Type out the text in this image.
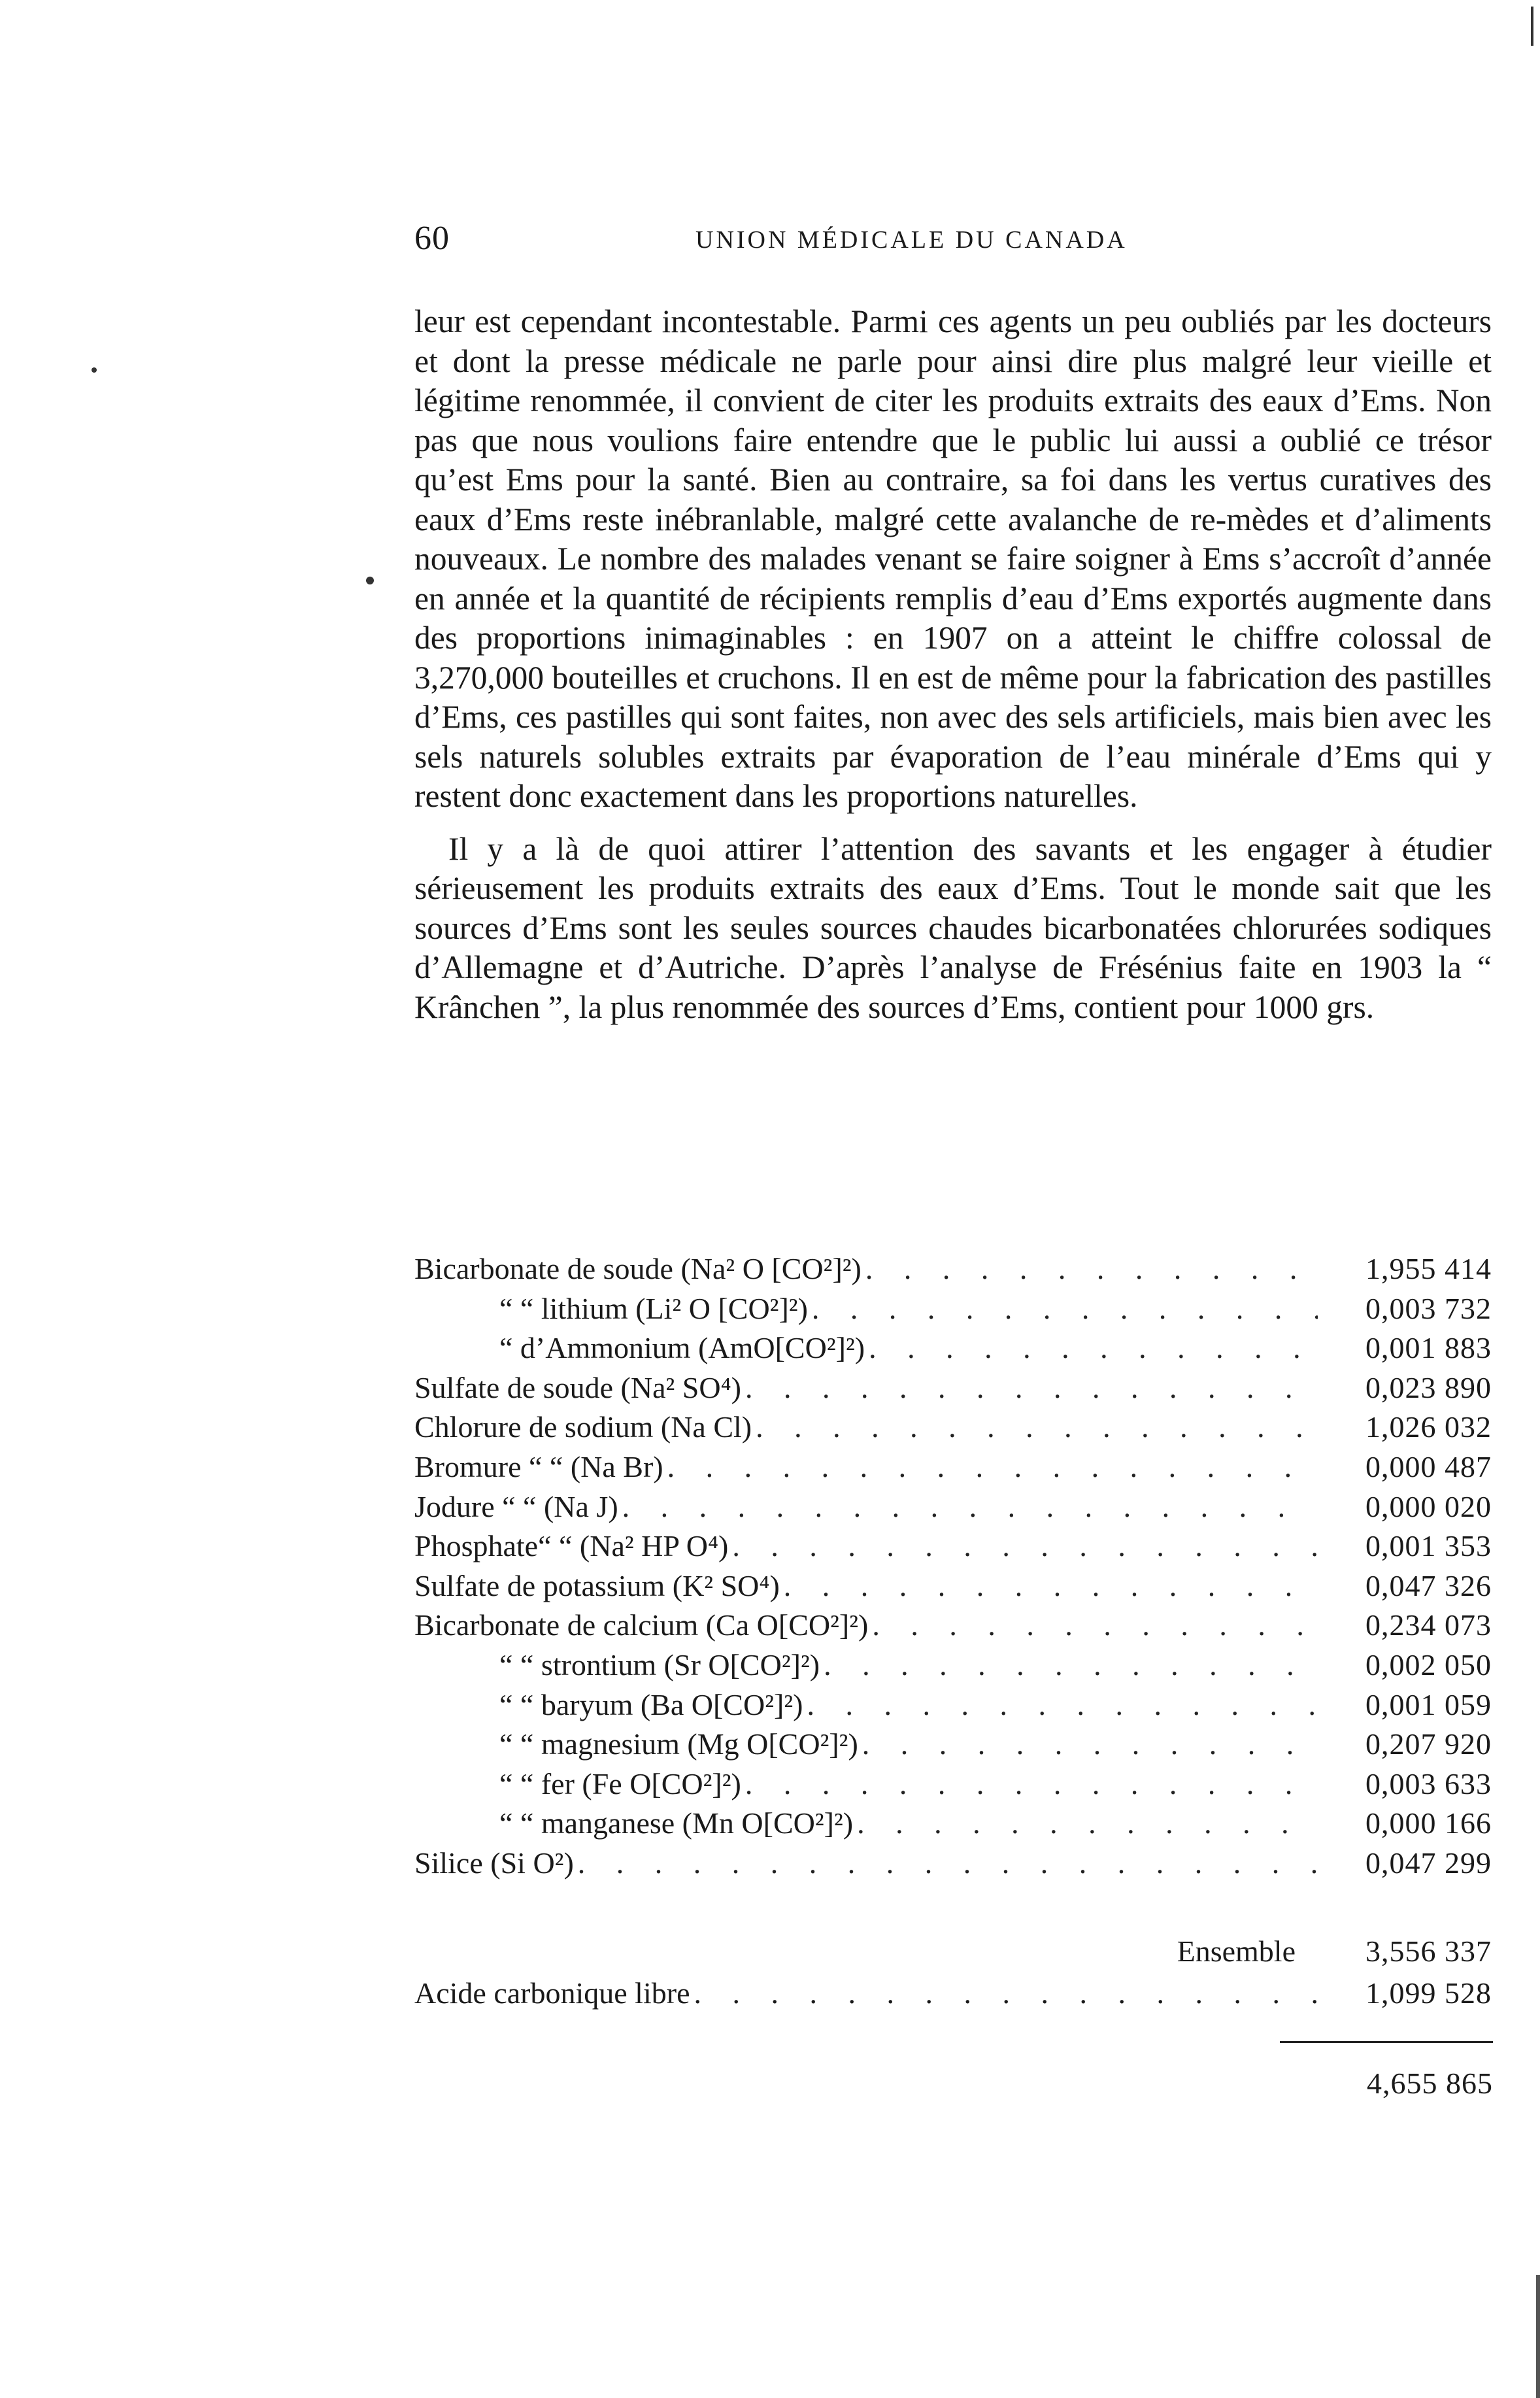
60	UNION MÉDICALE DU CANADA

leur est cependant incontestable. Parmi ces agents un peu oubliés par les docteurs et dont la presse médicale ne parle pour ainsi dire plus malgré leur vieille et légitime renommée, il convient de citer les produits extraits des eaux d’Ems. Non pas que nous voulions faire entendre que le public lui aussi a oublié ce trésor qu’est Ems pour la santé. Bien au contraire, sa foi dans les vertus curatives des eaux d’Ems reste inébranlable, malgré cette avalanche de re-mèdes et d’aliments nouveaux. Le nombre des malades venant se faire soigner à Ems s’accroît d’année en année et la quantité de récipients remplis d’eau d’Ems exportés augmente dans des proportions inimaginables : en 1907 on a atteint le chiffre colossal de 3,270,000 bouteilles et cruchons. Il en est de même pour la fabrication des pastilles d’Ems, ces pastilles qui sont faites, non avec des sels artificiels, mais bien avec les sels naturels solubles extraits par évaporation de l’eau minérale d’Ems qui y restent donc exactement dans les proportions naturelles.

Il y a là de quoi attirer l’attention des savants et les engager à étudier sérieusement les produits extraits des eaux d’Ems. Tout le monde sait que les sources d’Ems sont les seules sources chaudes bicarbonatées chlorurées sodiques d’Allemagne et d’Autriche. D’après l’analyse de Frésénius faite en 1903 la “ Krânchen ”, la plus renommée des sources d’Ems, contient pour 1000 grs.

Bicarbonate de soude (Na² O [CO²]²) . . .	1,955 414
“ “ lithium (Li² O [CO²]²) . . .	0,003 732
“ d’Ammonium (AmO[CO²]²) . . .	0,001 883
Sulfate de soude (Na² SO⁴) . . .	0,023 890
Chlorure de sodium (Na Cl) . . .	1,026 032
Bromure “ “ (Na Br) . . .	0,000 487
Jodure “ “ (Na J) . . .	0,000 020
Phosphate“ “ (Na² HP O⁴) . . .	0,001 353
Sulfate de potassium (K² SO⁴) . . .	0,047 326
Bicarbonate de calcium (Ca O[CO²]²) . . .	0,234 073
“ “ strontium (Sr O[CO²]²) . . .	0,002 050
“ “ baryum (Ba O[CO²]²) . . .	0,001 059
“ “ magnesium (Mg O[CO²]²) . . .	0,207 920
“ “ fer (Fe O[CO²]²) . . .	0,003 633
“ “ manganese (Mn O[CO²]²) . . .	0,000 166
Silice (Si O²) . . .	0,047 299
Ensemble	3,556 337
Acide carbonique libre . . .	1,099 528
4,655 865
